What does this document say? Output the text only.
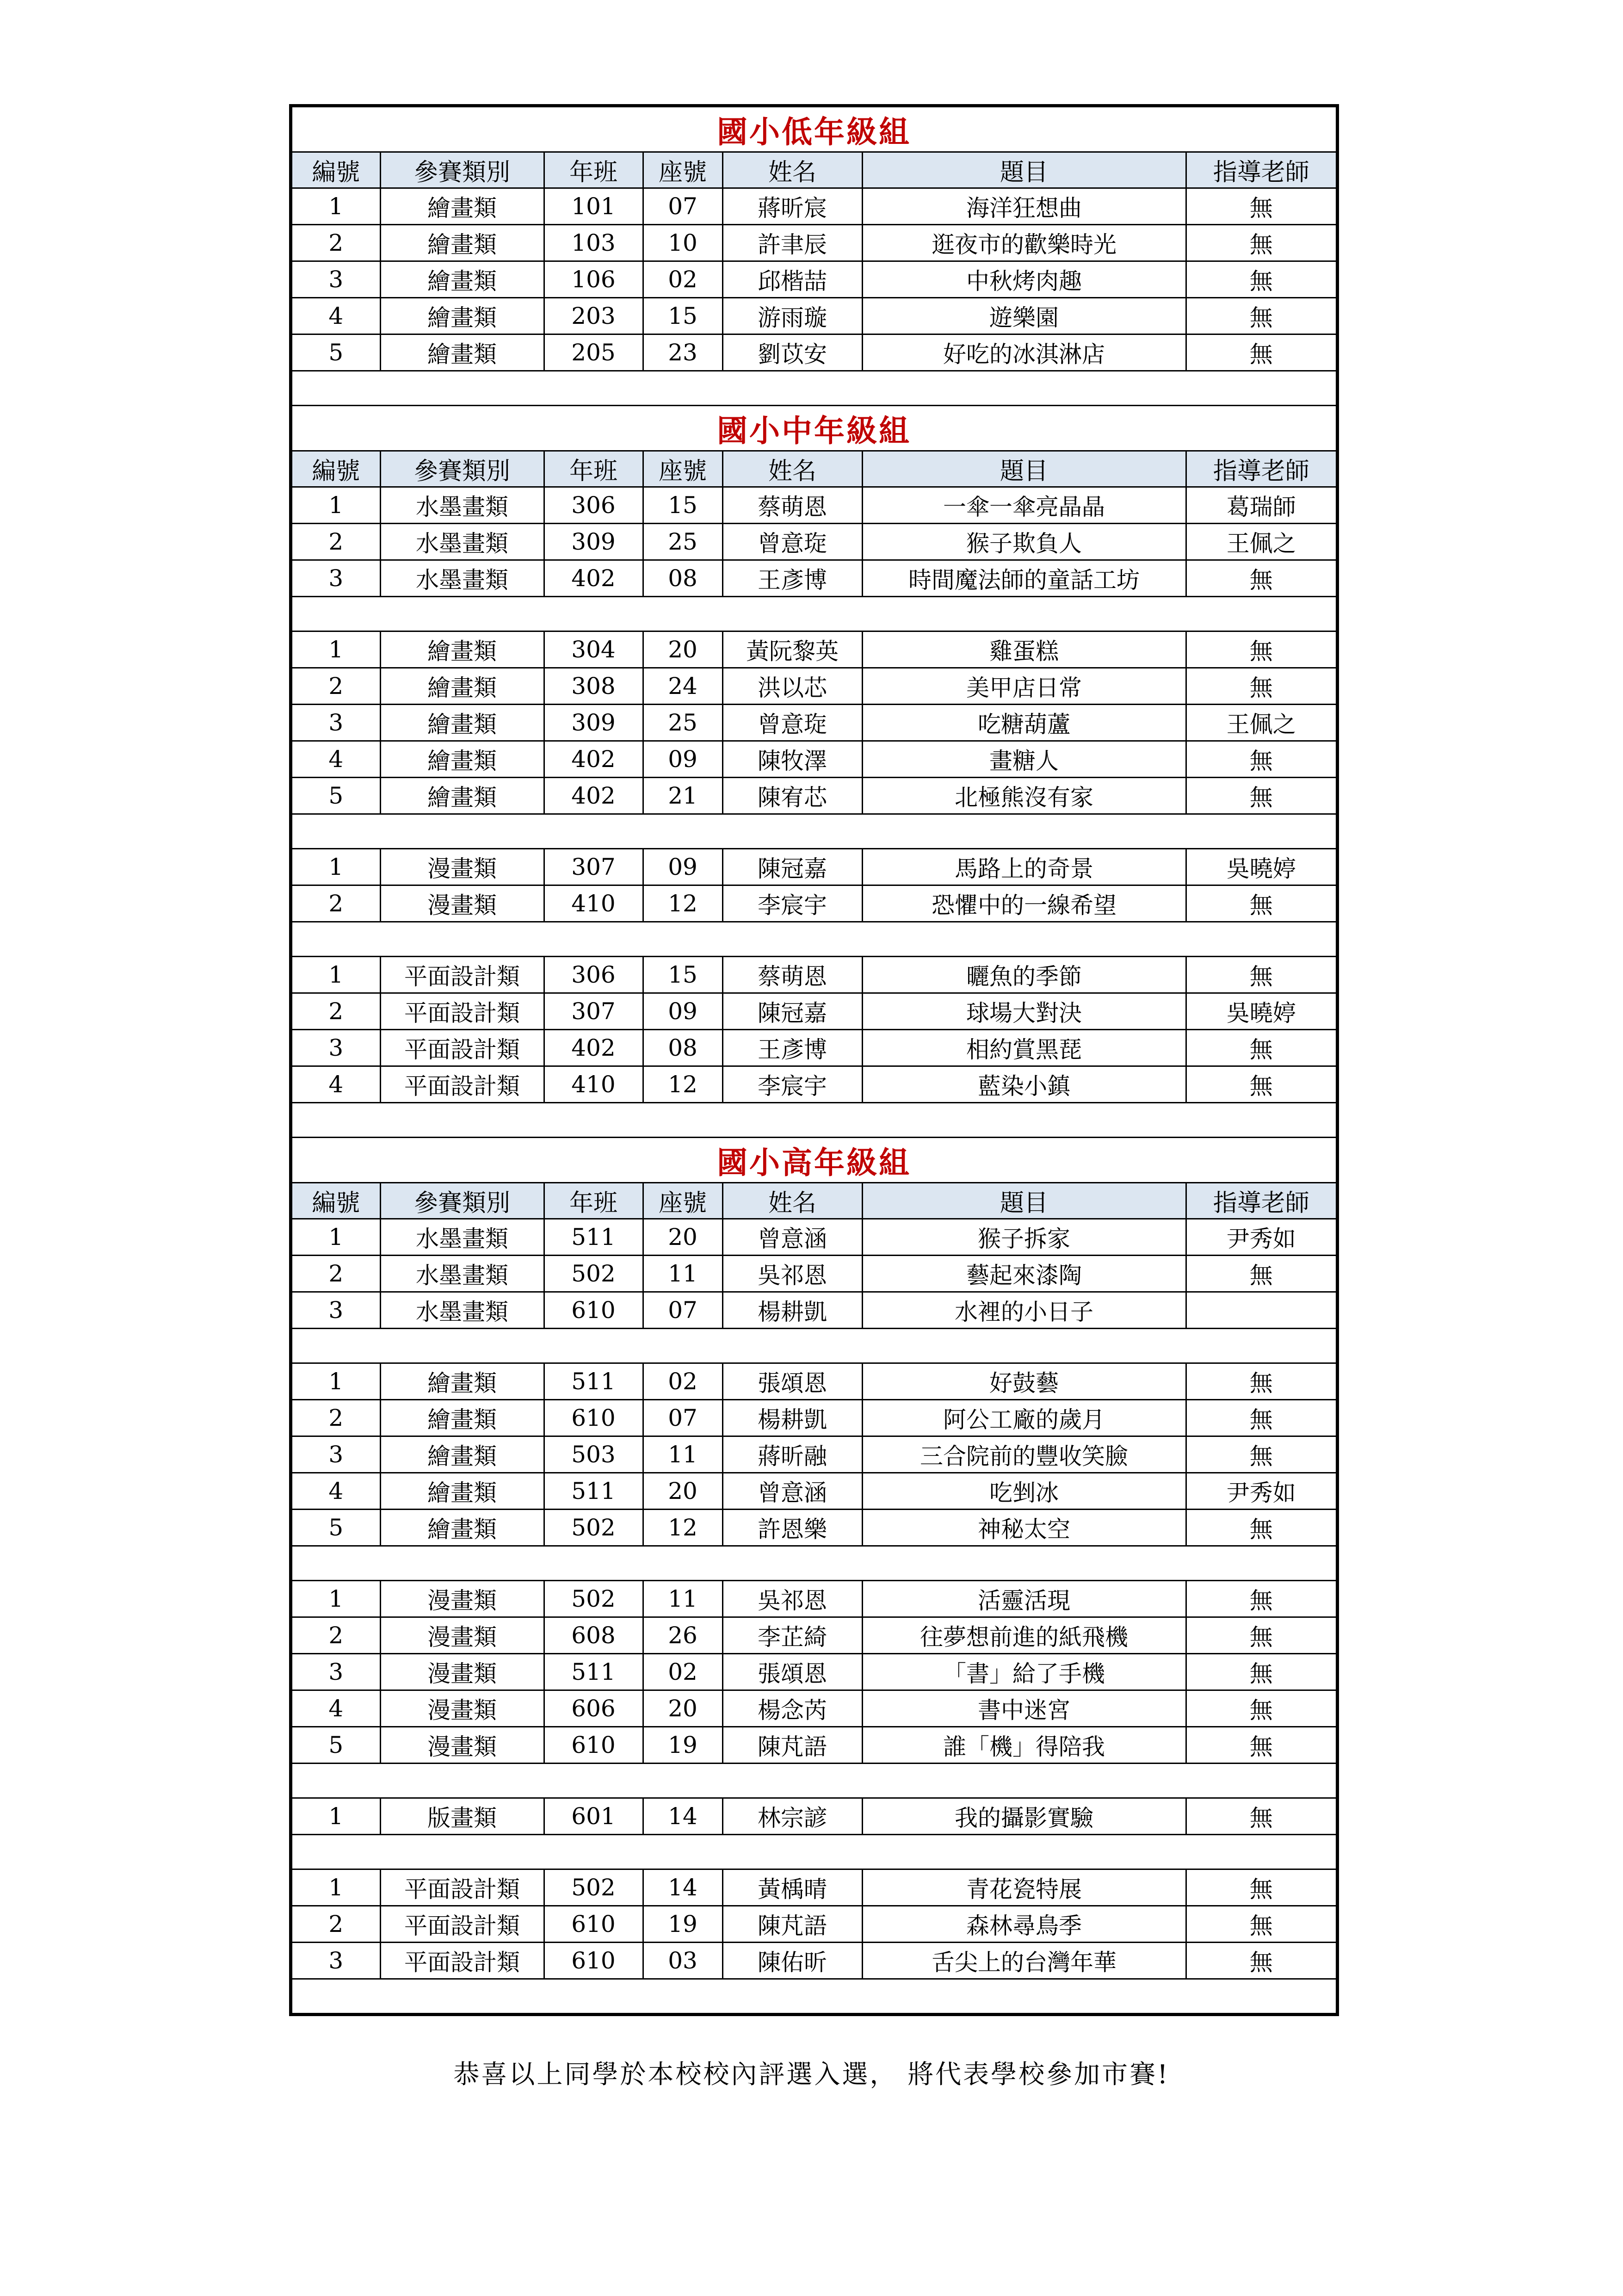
國小低年級組						
編號	參賽類別	年班	座號	姓名	題目	指導老師
1	繪畫類	101	07	蔣昕宸	海洋狂想曲	無
2	繪畫類	103	10	許聿辰	逛夜市的歡樂時光	無
3	繪畫類	106	02	邱楷喆	中秋烤肉趣	無
4	繪畫類	203	15	游雨璇	遊樂園	無
5	繪畫類	205	23	劉苡安	好吃的冰淇淋店	無

國小中年級組						
編號	參賽類別	年班	座號	姓名	題目	指導老師
1	水墨畫類	306	15	蔡萌恩	一傘一傘亮晶晶	葛瑞師
2	水墨畫類	309	25	曾意琁	猴子欺負人	王佩之
3	水墨畫類	402	08	王彥博	時間魔法師的童話工坊	無

1	繪畫類	304	20	黃阮黎英	雞蛋糕	無
2	繪畫類	308	24	洪以芯	美甲店日常	無
3	繪畫類	309	25	曾意琁	吃糖葫蘆	王佩之
4	繪畫類	402	09	陳牧澤	畫糖人	無
5	繪畫類	402	21	陳宥芯	北極熊沒有家	無

1	漫畫類	307	09	陳冠嘉	馬路上的奇景	吳曉婷
2	漫畫類	410	12	李宸宇	恐懼中的一線希望	無

1	平面設計類	306	15	蔡萌恩	曬魚的季節	無
2	平面設計類	307	09	陳冠嘉	球場大對決	吳曉婷
3	平面設計類	402	08	王彥博	相約賞黑琵	無
4	平面設計類	410	12	李宸宇	藍染小鎮	無

國小高年級組						
編號	參賽類別	年班	座號	姓名	題目	指導老師
1	水墨畫類	511	20	曾意涵	猴子拆家	尹秀如
2	水墨畫類	502	11	吳祁恩	藝起來漆陶	無
3	水墨畫類	610	07	楊耕凱	水裡的小日子	

1	繪畫類	511	02	張頌恩	好鼓藝	無
2	繪畫類	610	07	楊耕凱	阿公工廠的歲月	無
3	繪畫類	503	11	蔣昕融	三合院前的豐收笑臉	無
4	繪畫類	511	20	曾意涵	吃剉冰	尹秀如
5	繪畫類	502	12	許恩樂	神秘太空	無

1	漫畫類	502	11	吳祁恩	活靈活現	無
2	漫畫類	608	26	李芷綺	往夢想前進的紙飛機	無
3	漫畫類	511	02	張頌恩	「書」給了手機	無
4	漫畫類	606	20	楊念芮	書中迷宮	無
5	漫畫類	610	19	陳芃語	誰「機」得陪我	無

1	版畫類	601	14	林宗諺	我的攝影實驗	無

1	平面設計類	502	14	黃楀晴	青花瓷特展	無
2	平面設計類	610	19	陳芃語	森林尋鳥季	無
3	平面設計類	610	03	陳佑昕	舌尖上的台灣年華	無

恭喜以上同學於本校校內評選入選， 將代表學校參加市賽!
